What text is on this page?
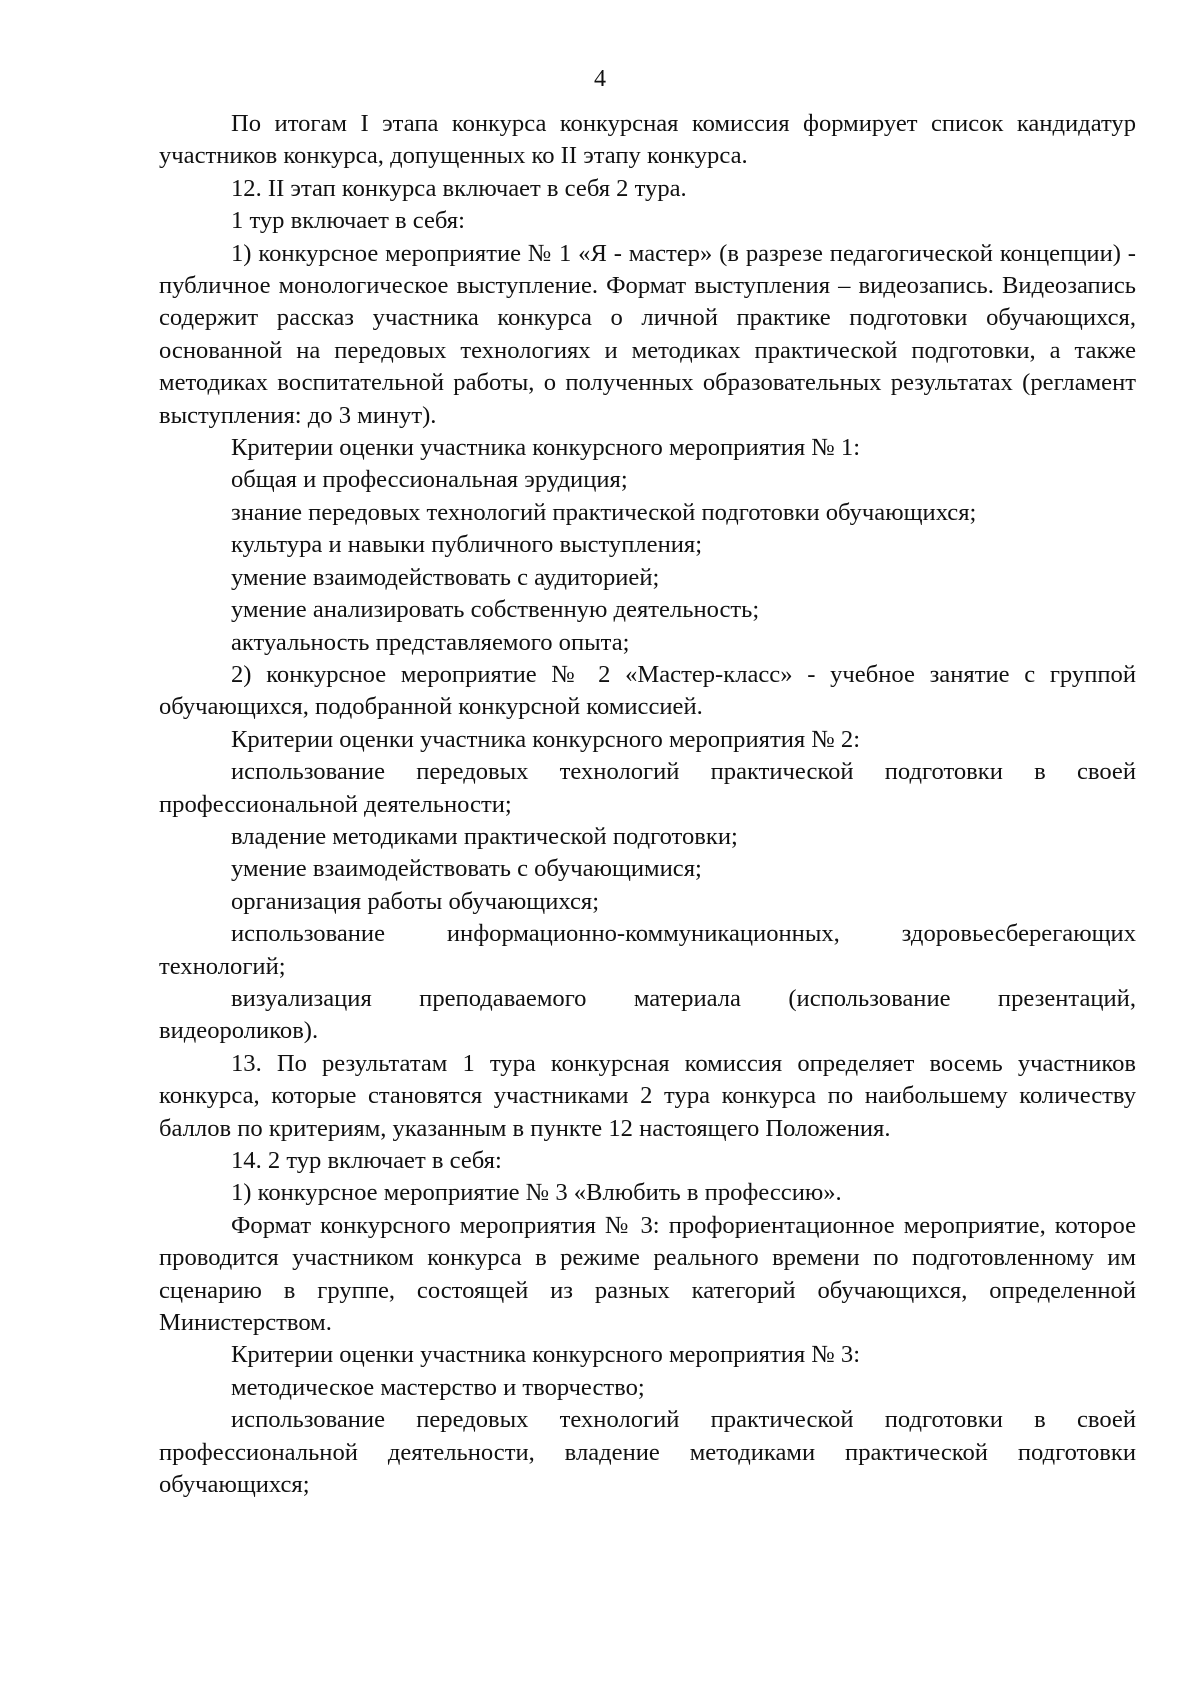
4

По итогам I этапа конкурса конкурсная комиссия формирует список кандидатур участников конкурса, допущенных ко II этапу конкурса.

12. II этап конкурса включает в себя 2 тура.

1 тур включает в себя:

1) конкурсное мероприятие № 1 «Я - мастер» (в разрезе педагогической концепции) - публичное монологическое выступление. Формат выступления – видеозапись. Видеозапись содержит рассказ участника конкурса о личной практике подготовки обучающихся, основанной на передовых технологиях и методиках практической подготовки, а также методиках воспитательной работы, о полученных образовательных результатах (регламент выступления: до 3 минут).

Критерии оценки участника конкурсного мероприятия № 1:

общая и профессиональная эрудиция;

знание передовых технологий практической подготовки обучающихся;

культура и навыки публичного выступления;

умение взаимодействовать с аудиторией;

умение анализировать собственную деятельность;

актуальность представляемого опыта;

2) конкурсное мероприятие № 2 «Мастер-класс» - учебное занятие с группой обучающихся, подобранной конкурсной комиссией.

Критерии оценки участника конкурсного мероприятия № 2:

использование передовых технологий практической подготовки в своей профессиональной деятельности;

владение методиками практической подготовки;

умение взаимодействовать с обучающимися;

организация работы обучающихся;

использование информационно-коммуникационных, здоровьесберегающих технологий;

визуализация преподаваемого материала (использование презентаций, видеороликов).

13. По результатам 1 тура конкурсная комиссия определяет восемь участников конкурса, которые становятся участниками 2 тура конкурса по наибольшему количеству баллов по критериям, указанным в пункте 12 настоящего Положения.

14. 2 тур включает в себя:

1) конкурсное мероприятие № 3 «Влюбить в профессию».

Формат конкурсного мероприятия № 3: профориентационное мероприятие, которое проводится участником конкурса в режиме реального времени по подготовленному им сценарию в группе, состоящей из разных категорий обучающихся, определенной Министерством.

Критерии оценки участника конкурсного мероприятия № 3:

методическое мастерство и творчество;

использование передовых технологий практической подготовки в своей профессиональной деятельности, владение методиками практической подготовки обучающихся;
